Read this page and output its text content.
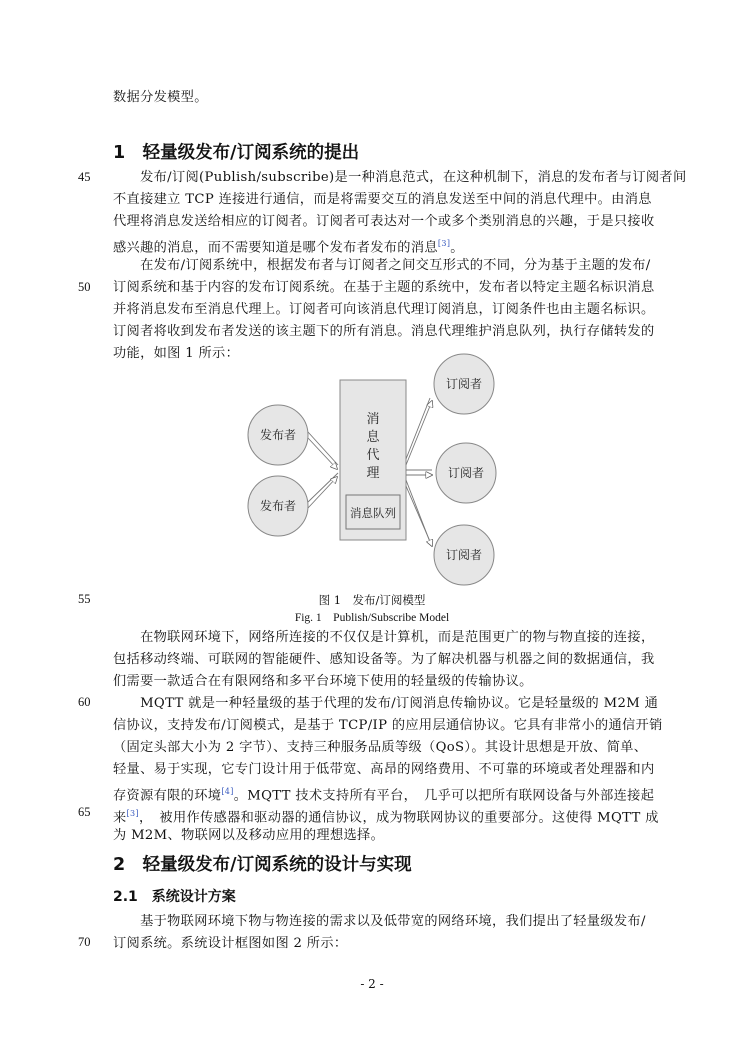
数据分发模型。
1　轻量级发布/订阅系统的提出
45 　　发布/订阅(Publish/subscribe)是一种消息范式，在这种机制下，消息的发布者与订阅者间
不直接建立 TCP 连接进行通信，而是将需要交互的消息发送至中间的消息代理中。由消息
代理将消息发送给相应的订阅者。订阅者可表达对一个或多个类别消息的兴趣，于是只接收
感兴趣的消息，而不需要知道是哪个发布者发布的消息[3]。
　　在发布/订阅系统中，根据发布者与订阅者之间交互形式的不同，分为基于主题的发布/
50 订阅系统和基于内容的发布订阅系统。在基于主题的系统中，发布者以特定主题名标识消息
并将消息发布至消息代理上。订阅者可向该消息代理订阅消息，订阅条件也由主题名标识。
订阅者将收到发布者发送的该主题下的所有消息。消息代理维护消息队列，执行存储转发的
功能，如图 1 所示：
发布者
发布者
消
息
代
理
消息队列
订阅者
订阅者
订阅者
55	图 1　发布/订阅模型
Fig. 1　Publish/Subscribe Model
　　在物联网环境下，网络所连接的不仅仅是计算机，而是范围更广的物与物直接的连接，
包括移动终端、可联网的智能硬件、感知设备等。为了解决机器与机器之间的数据通信，我
们需要一款适合在有限网络和多平台环境下使用的轻量级的传输协议。
60 　　MQTT 就是一种轻量级的基于代理的发布/订阅消息传输协议。它是轻量级的 M2M 通
信协议，支持发布/订阅模式，是基于 TCP/IP 的应用层通信协议。它具有非常小的通信开销
（固定头部大小为 2 字节）、支持三种服务品质等级（QoS）。其设计思想是开放、简单、
轻量、易于实现，它专门设计用于低带宽、高昂的网络费用、不可靠的环境或者处理器和内
存资源有限的环境[4]。MQTT 技术支持所有平台，　几乎可以把所有联网设备与外部连接起
65 来[3]，　被用作传感器和驱动器的通信协议，成为物联网协议的重要部分。这使得 MQTT 成
为 M2M、物联网以及移动应用的理想选择。
2　轻量级发布/订阅系统的设计与实现
2.1　系统设计方案
　　基于物联网环境下物与物连接的需求以及低带宽的网络环境，我们提出了轻量级发布/
70 订阅系统。系统设计框图如图 2 所示：
- 2 -
